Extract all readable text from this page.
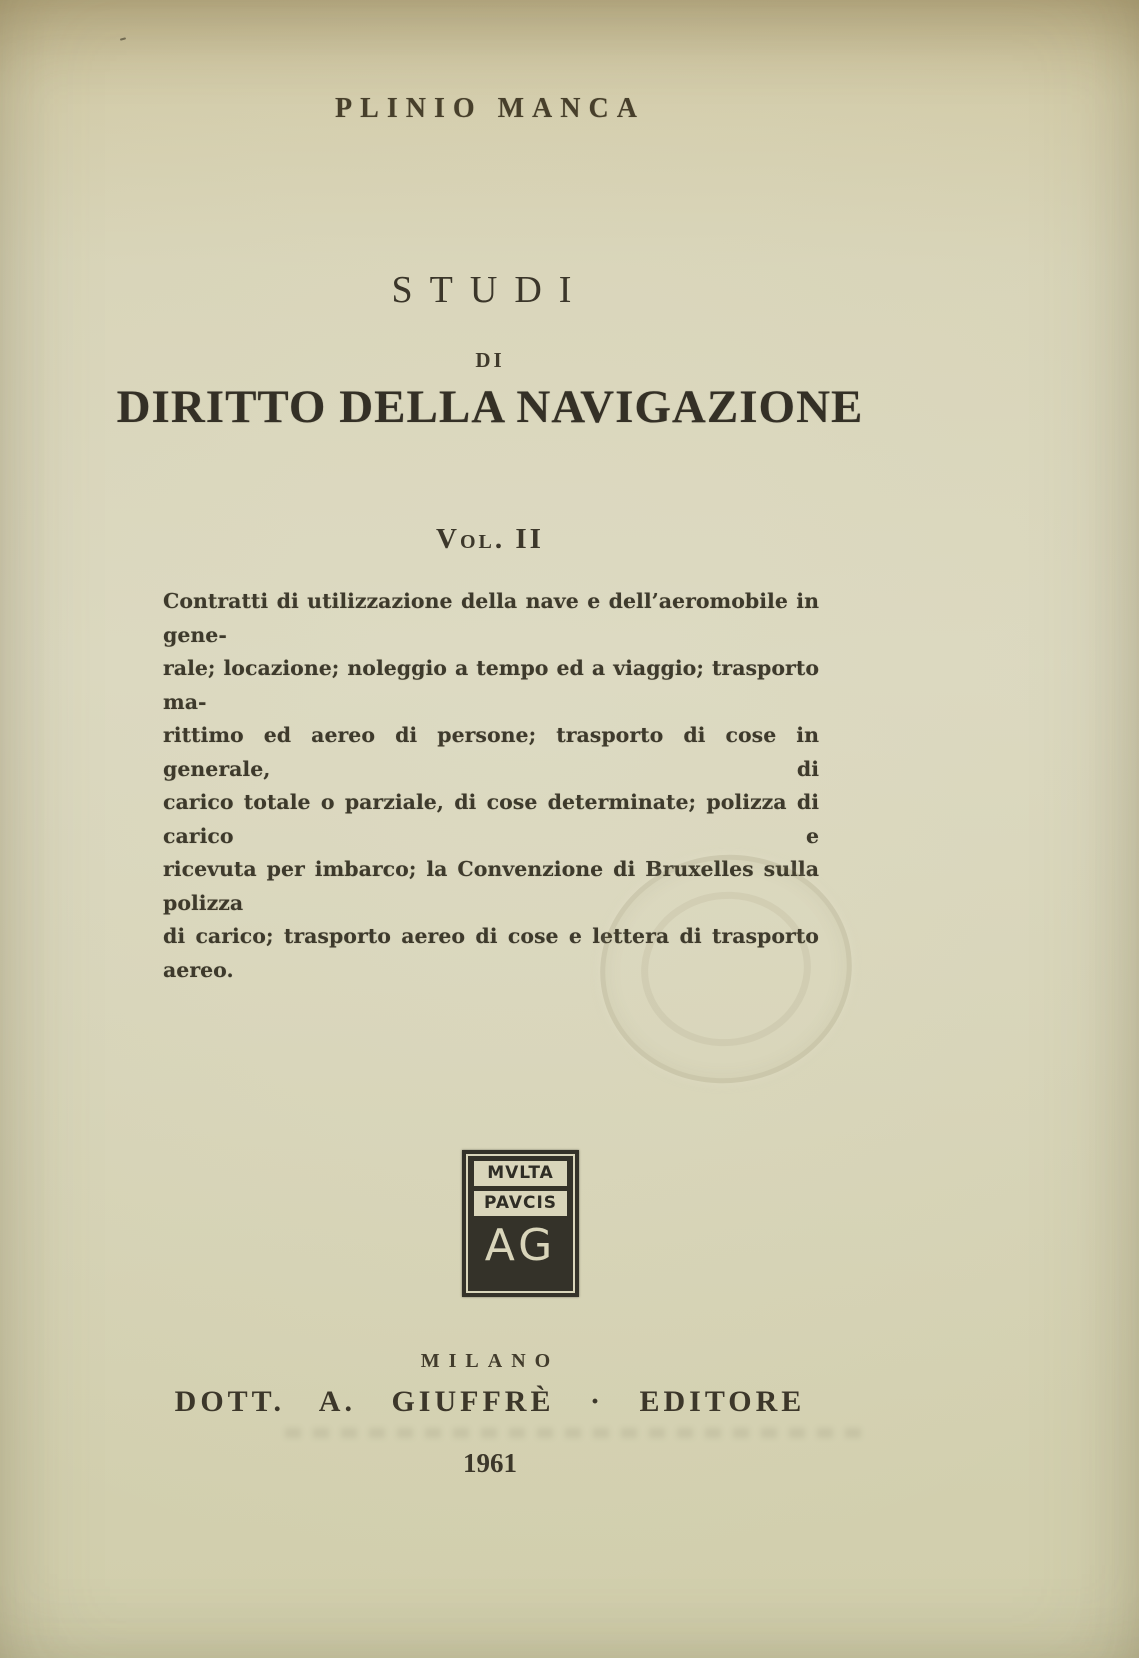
PLINIO MANCA
STUDI
DI
DIRITTO DELLA NAVIGAZIONE
Vol. II
Contratti di utilizzazione della nave e dell’aeromobile in gene-
rale; locazione; noleggio a tempo ed a viaggio; trasporto ma-
rittimo ed aereo di persone; trasporto di cose in generale, di
carico totale o parziale, di cose determinate; polizza di carico e
ricevuta per imbarco; la Convenzione di Bruxelles sulla polizza
di carico; trasporto aereo di cose e lettera di trasporto aereo.
MILANO
DOTT. A. GIUFFRÈ · EDITORE
1961
MVLTA
PAVCIS
AG
